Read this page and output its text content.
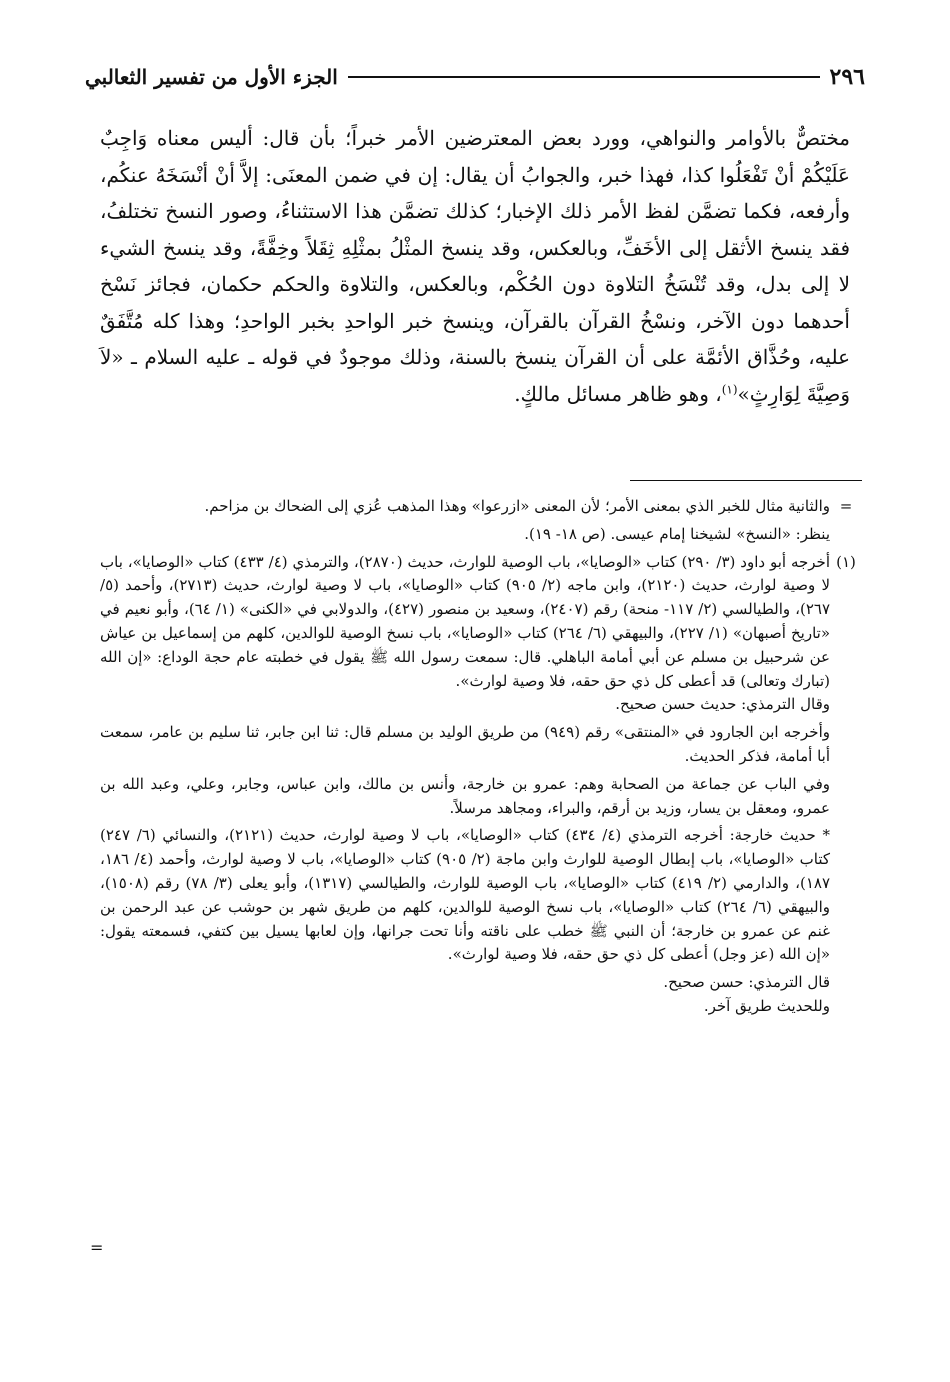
٢٩٦
الجزء الأول من تفسير الثعالبي

مختصٌّ بالأوامر والنواهي، وورد بعض المعترضين الأمر خبراً؛ بأن قال: أليس معناه وَاجِبٌ عَلَيْكُمْ أنْ تَفْعَلُوا كذا، فهذا خبر، والجوابُ أن يقال: إن في ضمن المعنَى: إلاَّ أنْ أنْسَخَهُ عنكُم، وأرفعه، فكما تضمَّن لفظ الأمر ذلك الإخبار؛ كذلك تضمَّن هذا الاستثناءُ، وصور النسخ تختلفُ، فقد ينسخ الأثقل إلى الأخَفِّ، وبالعكس، وقد ينسخ المثْلُ بمثْلِهِ ثِقَلاً وخِفَّةً، وقد ينسخ الشيء لا إلى بدل، وقد تُنْسَخُ التلاوة دون الحُكْم، وبالعكس، والتلاوة والحكم حكمان، فجائز نَسْخ أحدهما دون الآخر، ونسْخُ القرآن بالقرآن، وينسخ خبر الواحدِ بخبر الواحدِ؛ وهذا كله مُتَّفَقٌ عليه، وحُذَّاق الأئمَّة على أن القرآن ينسخ بالسنة، وذلك موجودٌ في قوله ـ عليه السلام ـ «لاَ وَصِيَّةَ لِوَارِثٍ»$^{(١)}$، وهو ظاهر مسائل مالكٍ.

=

والثانية مثال للخبر الذي بمعنى الأمر؛ لأن المعنى «ازرعوا» وهذا المذهب عُزي إلى الضحاك بن مزاحم.

ينظر: «النسخ» لشيخنا إمام عيسى. (ص ١٨- ١٩).

(١)

أخرجه أبو داود (٣/ ٢٩٠) كتاب «الوصايا»، باب الوصية للوارث، حديث (٢٨٧٠)، والترمذي (٤/ ٤٣٣) كتاب «الوصايا»، باب لا وصية لوارث، حديث (٢١٢٠)، وابن ماجه (٢/ ٩٠٥) كتاب «الوصايا»، باب لا وصية لوارث، حديث (٢٧١٣)، وأحمد (٥/ ٢٦٧)، والطيالسي (٢/ ١١٧- منحة) رقم (٢٤٠٧)، وسعيد بن منصور (٤٢٧)، والدولابي في «الكنى» (١/ ٦٤)، وأبو نعيم في «تاريخ أصبهان» (١/ ٢٢٧)، والبيهقي (٦/ ٢٦٤) كتاب «الوصايا»، باب نسخ الوصية للوالدين، كلهم من إسماعيل بن عياش عن شرحبيل بن مسلم عن أبي أمامة الباهلي. قال: سمعت رسول الله ﷺ يقول في خطبته عام حجة الوداع: «إن الله (تبارك وتعالى) قد أعطى كل ذي حق حقه، فلا وصية لوارث».

وقال الترمذي: حديث حسن صحيح.

وأخرجه ابن الجارود في «المنتقى» رقم (٩٤٩) من طريق الوليد بن مسلم قال: ثنا ابن جابر، ثنا سليم بن عامر، سمعت أبا أمامة، فذكر الحديث.

وفي الباب عن جماعة من الصحابة وهم: عمرو بن خارجة، وأنس بن مالك، وابن عباس، وجابر، وعلي، وعبد الله بن عمرو، ومعقل بن يسار، وزيد بن أرقم، والبراء، ومجاهد مرسلاً.

* حديث خارجة: أخرجه الترمذي (٤/ ٤٣٤) كتاب «الوصايا»، باب لا وصية لوارث، حديث (٢١٢١)، والنسائي (٦/ ٢٤٧) كتاب «الوصايا»، باب إبطال الوصية للوارث وابن ماجة (٢/ ٩٠٥) كتاب «الوصايا»، باب لا وصية لوارث، وأحمد (٤/ ١٨٦، ١٨٧)، والدارمي (٢/ ٤١٩) كتاب «الوصايا»، باب الوصية للوارث، والطيالسي (١٣١٧)، وأبو يعلى (٣/ ٧٨) رقم (١٥٠٨)، والبيهقي (٦/ ٢٦٤) كتاب «الوصايا»، باب نسخ الوصية للوالدين، كلهم من طريق شهر بن حوشب عن عبد الرحمن بن غنم عن عمرو بن خارجة؛ أن النبي ﷺ خطب على ناقته وأنا تحت جرانها، وإن لعابها يسيل بين كتفي، فسمعته يقول: «إن الله (عز وجل) أعطى كل ذي حق حقه، فلا وصية لوارث».

قال الترمذي: حسن صحيح.

وللحديث طريق آخر.

=
